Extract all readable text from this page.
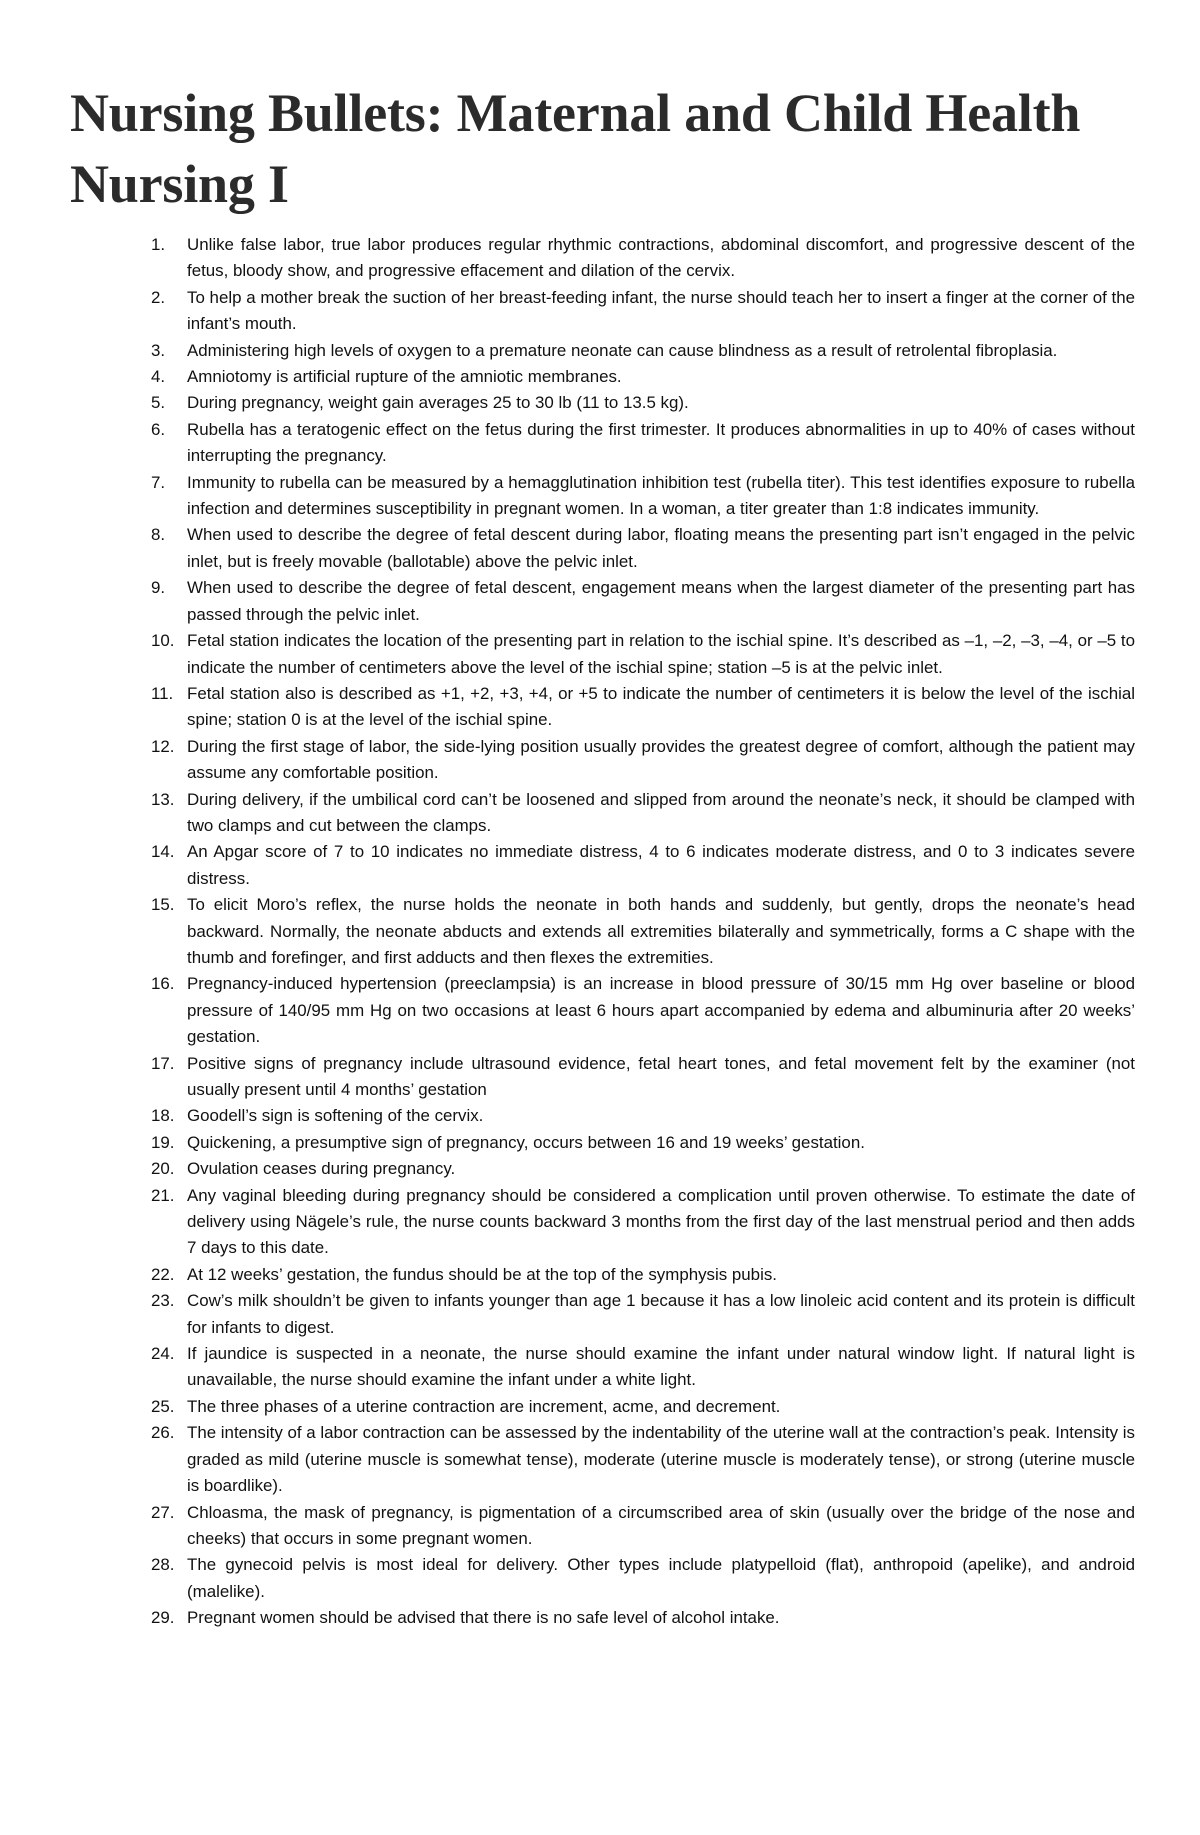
Nursing Bullets: Maternal and Child Health Nursing I
1.	Unlike false labor, true labor produces regular rhythmic contractions, abdominal discomfort, and progressive descent of the fetus, bloody show, and progressive effacement and dilation of the cervix.
2.	To help a mother break the suction of her breast-feeding infant, the nurse should teach her to insert a finger at the corner of the infant’s mouth.
3.	Administering high levels of oxygen to a premature neonate can cause blindness as a result of retrolental fibroplasia.
4.	Amniotomy is artificial rupture of the amniotic membranes.
5.	During pregnancy, weight gain averages 25 to 30 lb (11 to 13.5 kg).
6.	Rubella has a teratogenic effect on the fetus during the first trimester. It produces abnormalities in up to 40% of cases without interrupting the pregnancy.
7.	Immunity to rubella can be measured by a hemagglutination inhibition test (rubella titer). This test identifies exposure to rubella infection and determines susceptibility in pregnant women. In a woman, a titer greater than 1:8 indicates immunity.
8.	When used to describe the degree of fetal descent during labor, floating means the presenting part isn’t engaged in the pelvic inlet, but is freely movable (ballotable) above the pelvic inlet.
9.	When used to describe the degree of fetal descent, engagement means when the largest diameter of the presenting part has passed through the pelvic inlet.
10. Fetal station indicates the location of the presenting part in relation to the ischial spine. It’s described as –1, –2, –3, –4, or –5 to indicate the number of centimeters above the level of the ischial spine; station –5 is at the pelvic inlet.
11. Fetal station also is described as +1, +2, +3, +4, or +5 to indicate the number of centimeters it is below the level of the ischial spine; station 0 is at the level of the ischial spine.
12. During the first stage of labor, the side-lying position usually provides the greatest degree of comfort, although the patient may assume any comfortable position.
13. During delivery, if the umbilical cord can’t be loosened and slipped from around the neonate’s neck, it should be clamped with two clamps and cut between the clamps.
14. An Apgar score of 7 to 10 indicates no immediate distress, 4 to 6 indicates moderate distress, and 0 to 3 indicates severe distress.
15. To elicit Moro’s reflex, the nurse holds the neonate in both hands and suddenly, but gently, drops the neonate’s head backward. Normally, the neonate abducts and extends all extremities bilaterally and symmetrically, forms a C shape with the thumb and forefinger, and first adducts and then flexes the extremities.
16. Pregnancy-induced hypertension (preeclampsia) is an increase in blood pressure of 30/15 mm Hg over baseline or blood pressure of 140/95 mm Hg on two occasions at least 6 hours apart accompanied by edema and albuminuria after 20 weeks’ gestation.
17. Positive signs of pregnancy include ultrasound evidence, fetal heart tones, and fetal movement felt by the examiner (not usually present until 4 months’ gestation
18. Goodell’s sign is softening of the cervix.
19. Quickening, a presumptive sign of pregnancy, occurs between 16 and 19 weeks’ gestation.
20. Ovulation ceases during pregnancy.
21. Any vaginal bleeding during pregnancy should be considered a complication until proven otherwise. To estimate the date of delivery using Nägele’s rule, the nurse counts backward 3 months from the first day of the last menstrual period and then adds 7 days to this date.
22. At 12 weeks’ gestation, the fundus should be at the top of the symphysis pubis.
23. Cow’s milk shouldn’t be given to infants younger than age 1 because it has a low linoleic acid content and its protein is difficult for infants to digest.
24. If jaundice is suspected in a neonate, the nurse should examine the infant under natural window light. If natural light is unavailable, the nurse should examine the infant under a white light.
25. The three phases of a uterine contraction are increment, acme, and decrement.
26. The intensity of a labor contraction can be assessed by the indentability of the uterine wall at the contraction’s peak. Intensity is graded as mild (uterine muscle is somewhat tense), moderate (uterine muscle is moderately tense), or strong (uterine muscle is boardlike).
27. Chloasma, the mask of pregnancy, is pigmentation of a circumscribed area of skin (usually over the bridge of the nose and cheeks) that occurs in some pregnant women.
28. The gynecoid pelvis is most ideal for delivery. Other types include platypelloid (flat), anthropoid (apelike), and android (malelike).
29. Pregnant women should be advised that there is no safe level of alcohol intake.
